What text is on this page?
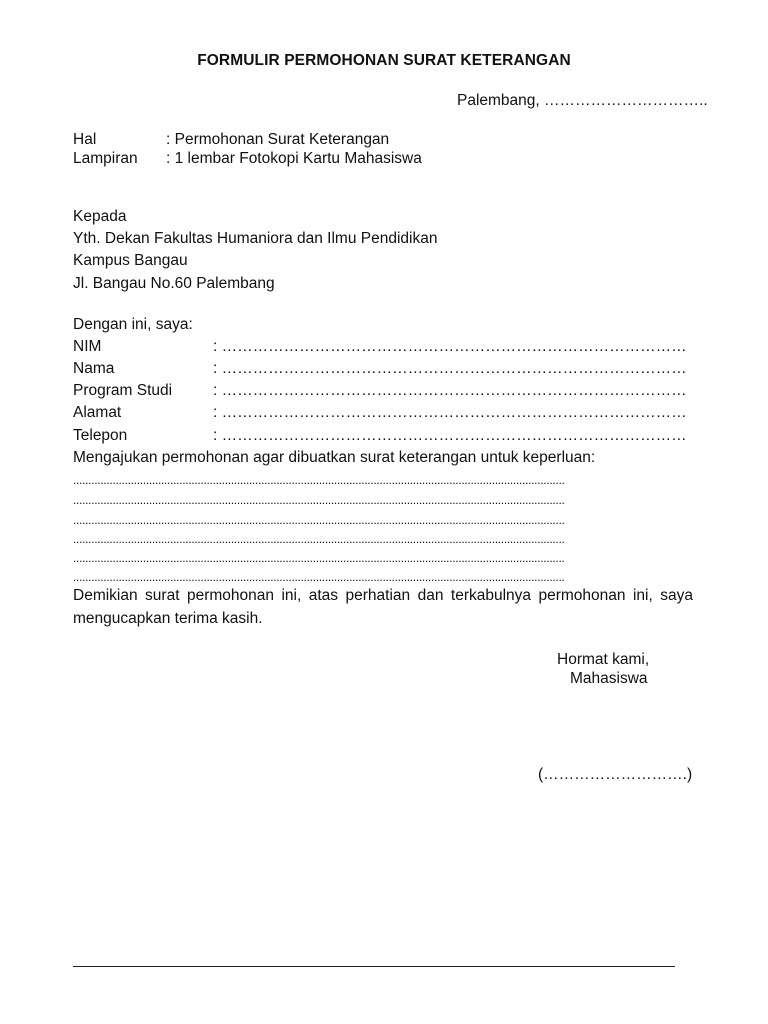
FORMULIR PERMOHONAN SURAT KETERANGAN
Palembang, …………………………..
Hal	: Permohonan Surat Keterangan
Lampiran : 1 lembar Fotokopi Kartu Mahasiswa
Kepada
Yth. Dekan Fakultas Humaniora dan Ilmu Pendidikan
Kampus Bangau
Jl. Bangau No.60 Palembang
Dengan ini, saya:
NIM	: ………………………………………………………………………………
Nama	: ………………………………………………………………………………
Program Studi	: ………………………………………………………………………………
Alamat	: ………………………………………………………………………………
Telepon	: ………………………………………………………………………………
Mengajukan permohonan agar dibuatkan surat keterangan untuk keperluan:
..................................................................................................................................................................
..................................................................................................................................................................
..................................................................................................................................................................
..................................................................................................................................................................
..................................................................................................................................................................
..................................................................................................................................................................
Demikian surat permohonan ini, atas perhatian dan terkabulnya permohonan ini, saya
mengucapkan terima kasih.
Hormat kami,
Mahasiswa
(……………………….)
